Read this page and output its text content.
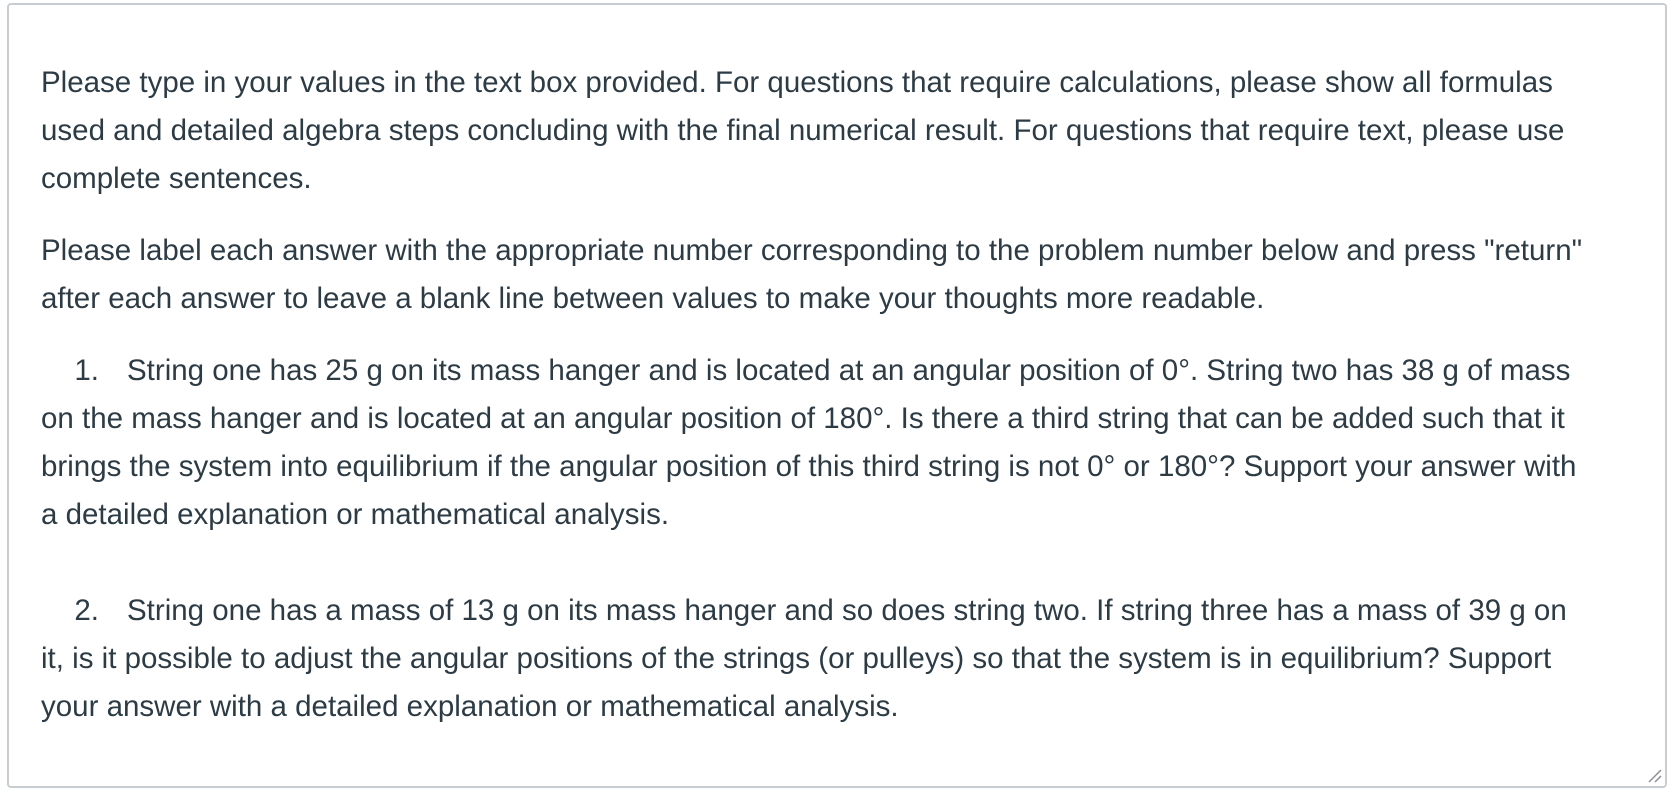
Please type in your values in the text box provided. For questions that require calculations, please show all formulas used and detailed algebra steps concluding with the final numerical result. For questions that require text, please use complete sentences.

Please label each answer with the appropriate number corresponding to the problem number below and press "return" after each answer to leave a blank line between values to make your thoughts more readable.

1. String one has 25 g on its mass hanger and is located at an angular position of 0°. String two has 38 g of mass on the mass hanger and is located at an angular position of 180°. Is there a third string that can be added such that it brings the system into equilibrium if the angular position of this third string is not 0° or 180°? Support your answer with a detailed explanation or mathematical analysis.

2. String one has a mass of 13 g on its mass hanger and so does string two. If string three has a mass of 39 g on it, is it possible to adjust the angular positions of the strings (or pulleys) so that the system is in equilibrium? Support your answer with a detailed explanation or mathematical analysis.
